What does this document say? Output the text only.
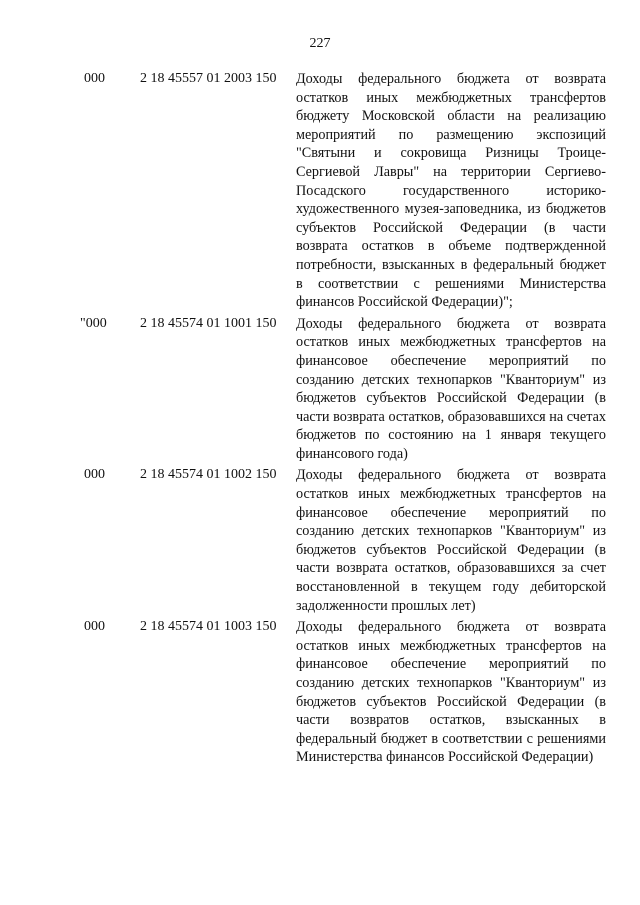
227
000	2 18 45557 01 2003 150	Доходы федерального бюджета от возврата остатков иных межбюджетных трансфертов бюджету Московской области на реализацию мероприятий по размещению экспозиций "Святыни и сокровища Ризницы Троице-Сергиевой Лавры" на территории Сергиево-Посадского государственного историко-художественного музея-заповедника, из бюджетов субъектов Российской Федерации (в части возврата остатков в объеме подтвержденной потребности, взысканных в федеральный бюджет в соответствии с решениями Министерства финансов Российской Федерации)";
"000	2 18 45574 01 1001 150	Доходы федерального бюджета от возврата остатков иных межбюджетных трансфертов на финансовое обеспечение мероприятий по созданию детских технопарков "Кванториум" из бюджетов субъектов Российской Федерации (в части возврата остатков, образовавшихся на счетах бюджетов по состоянию на 1 января текущего финансового года)
000	2 18 45574 01 1002 150	Доходы федерального бюджета от возврата остатков иных межбюджетных трансфертов на финансовое обеспечение мероприятий по созданию детских технопарков "Кванториум" из бюджетов субъектов Российской Федерации (в части возврата остатков, образовавшихся за счет восстановленной в текущем году дебиторской задолженности прошлых лет)
000	2 18 45574 01 1003 150	Доходы федерального бюджета от возврата остатков иных межбюджетных трансфертов на финансовое обеспечение мероприятий по созданию детских технопарков "Кванториум" из бюджетов субъектов Российской Федерации (в части возвратов остатков, взысканных в федеральный бюджет в соответствии с решениями Министерства финансов Российской Федерации)
